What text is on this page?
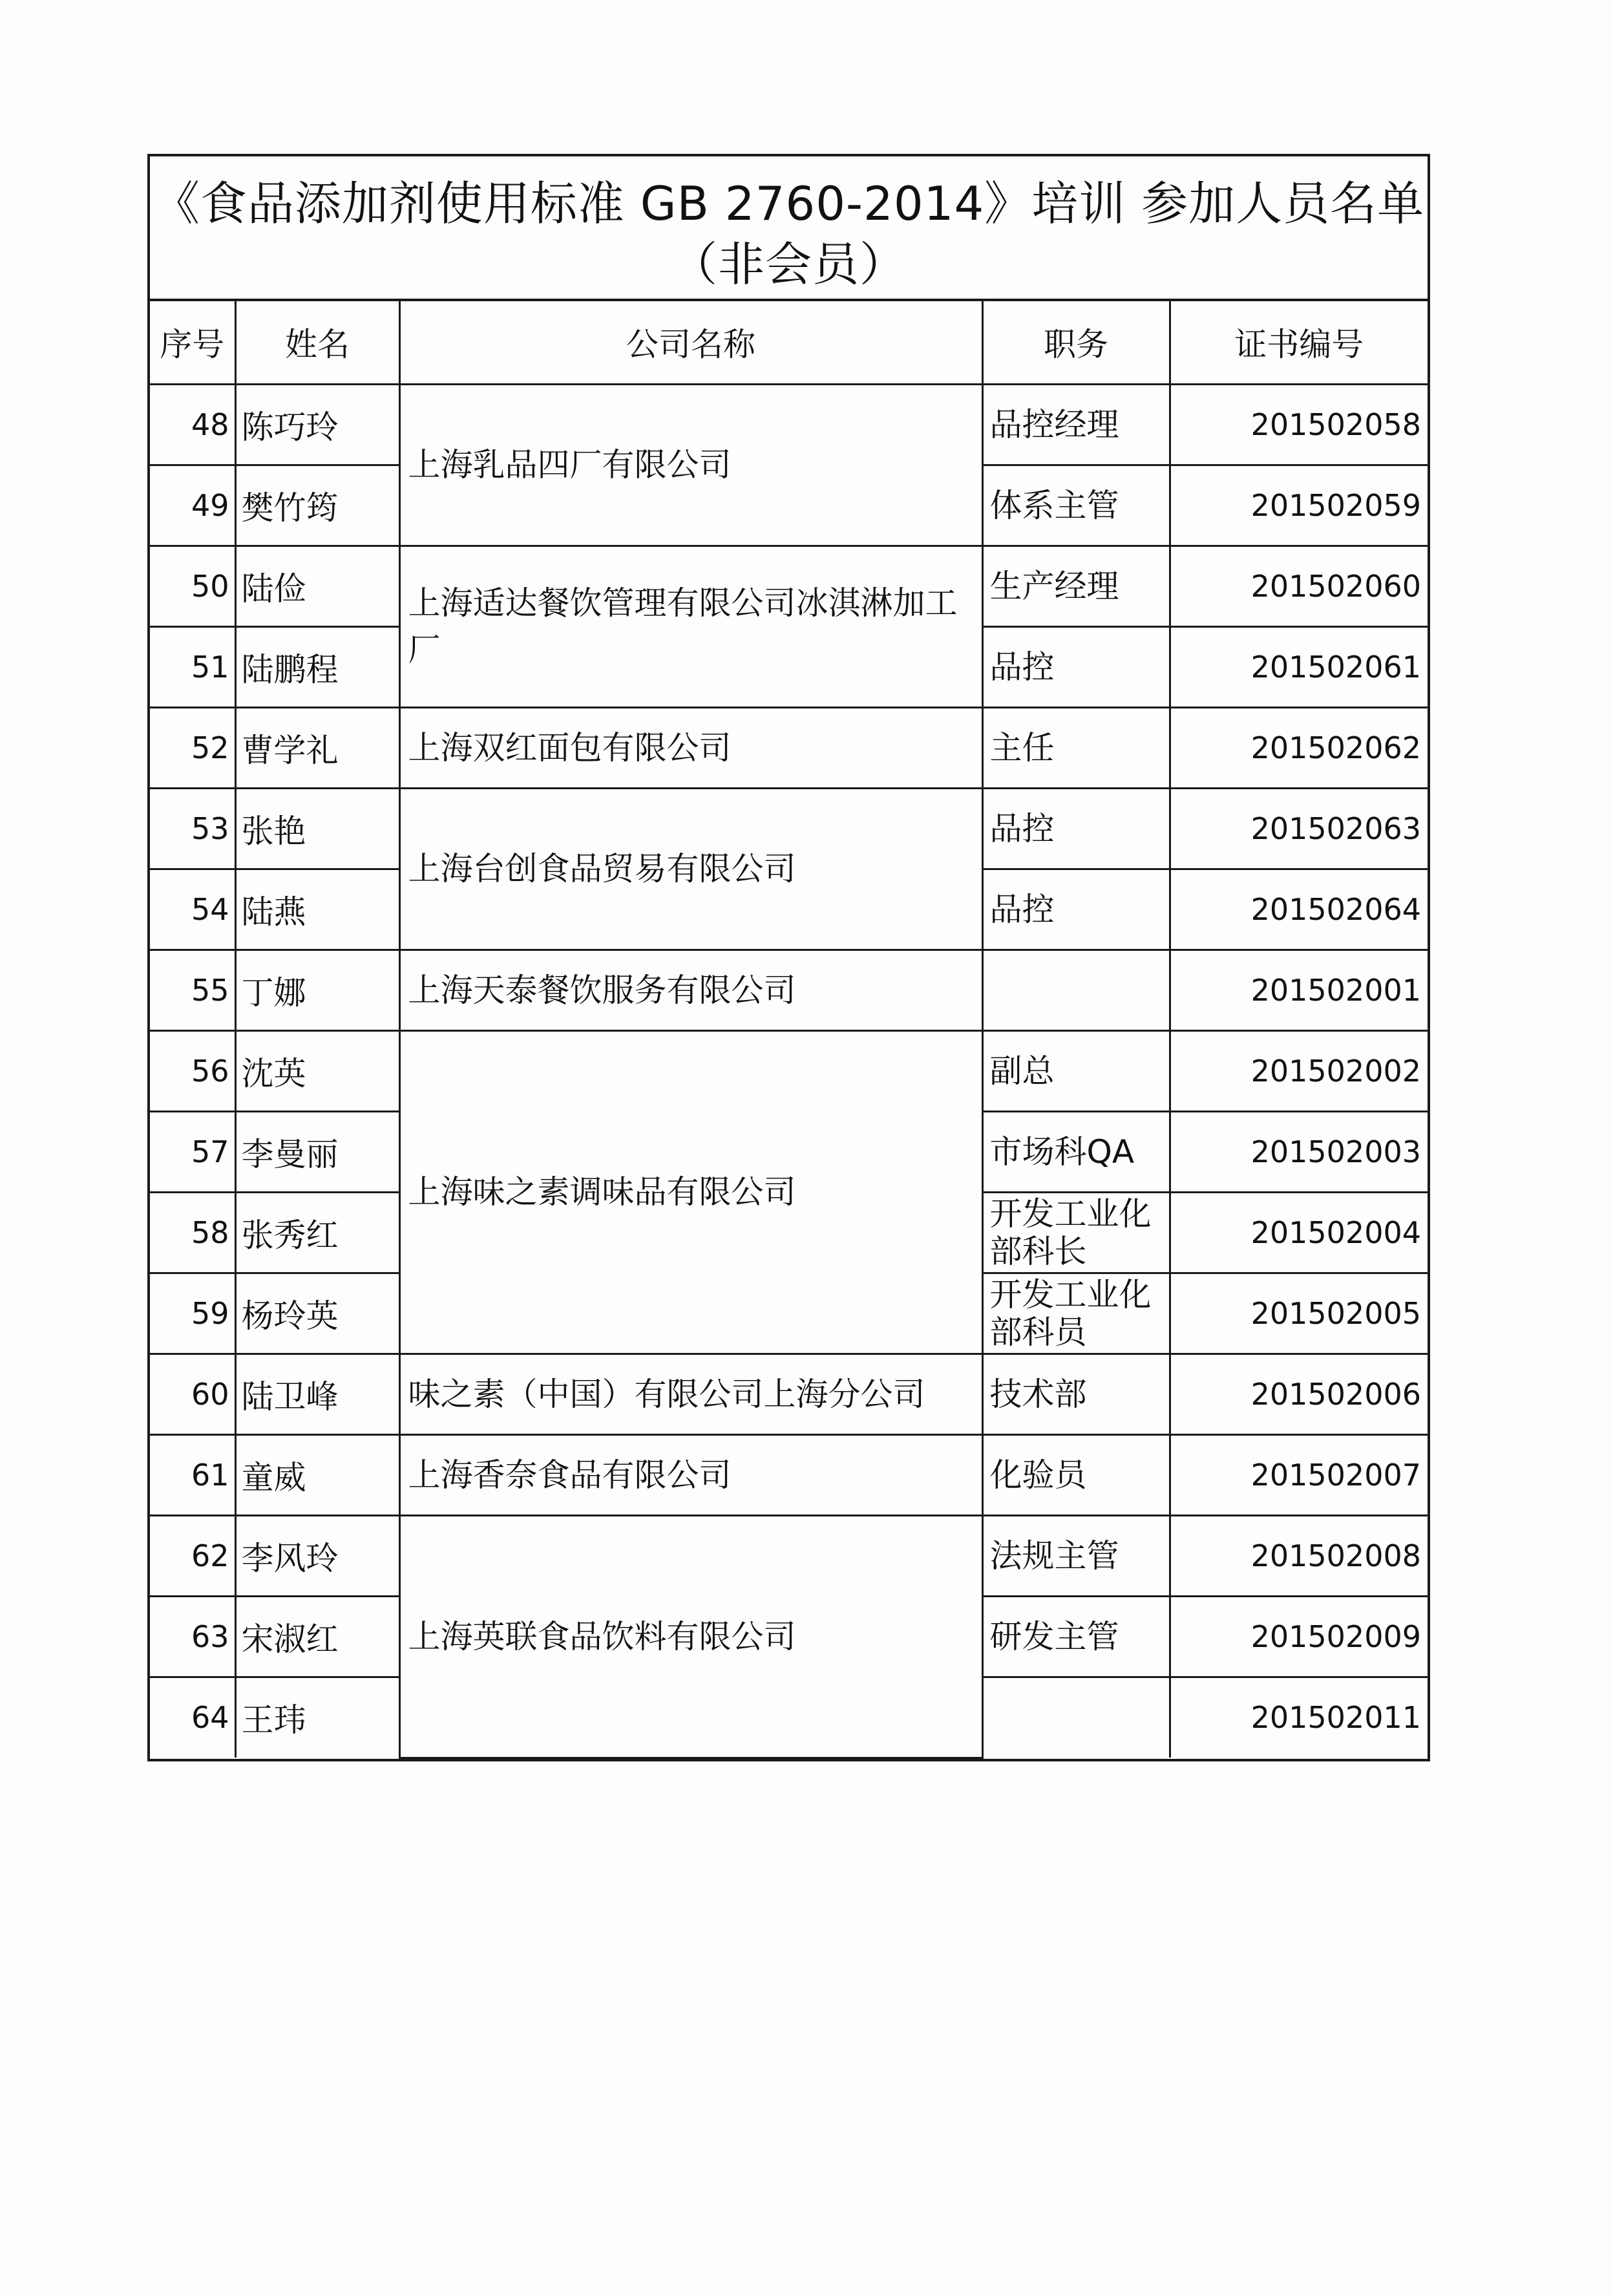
《食品添加剂使用标准 GB 2760-2014》培训 参加人员名单
（非会员）
序号	姓名	公司名称	职务	证书编号
48	陈巧玲	上海乳品四厂有限公司	品控经理	201502058
49	樊竹筠		体系主管	201502059
50	陆俭	上海适达餐饮管理有限公司冰淇淋加工厂	生产经理	201502060
51	陆鹏程		品控	201502061
52	曹学礼	上海双红面包有限公司	主任	201502062
53	张艳	上海台创食品贸易有限公司	品控	201502063
54	陆燕		品控	201502064
55	丁娜	上海天泰餐饮服务有限公司		201502001
56	沈英	上海味之素调味品有限公司	副总	201502002
57	李曼丽		市场科QA	201502003
58	张秀红		开发工业化部科长	201502004
59	杨玲英		开发工业化部科员	201502005
60	陆卫峰	味之素（中国）有限公司上海分公司	技术部	201502006
61	童威	上海香奈食品有限公司	化验员	201502007
62	李风玲	上海英联食品饮料有限公司	法规主管	201502008
63	宋淑红		研发主管	201502009
64	王玮			201502011
